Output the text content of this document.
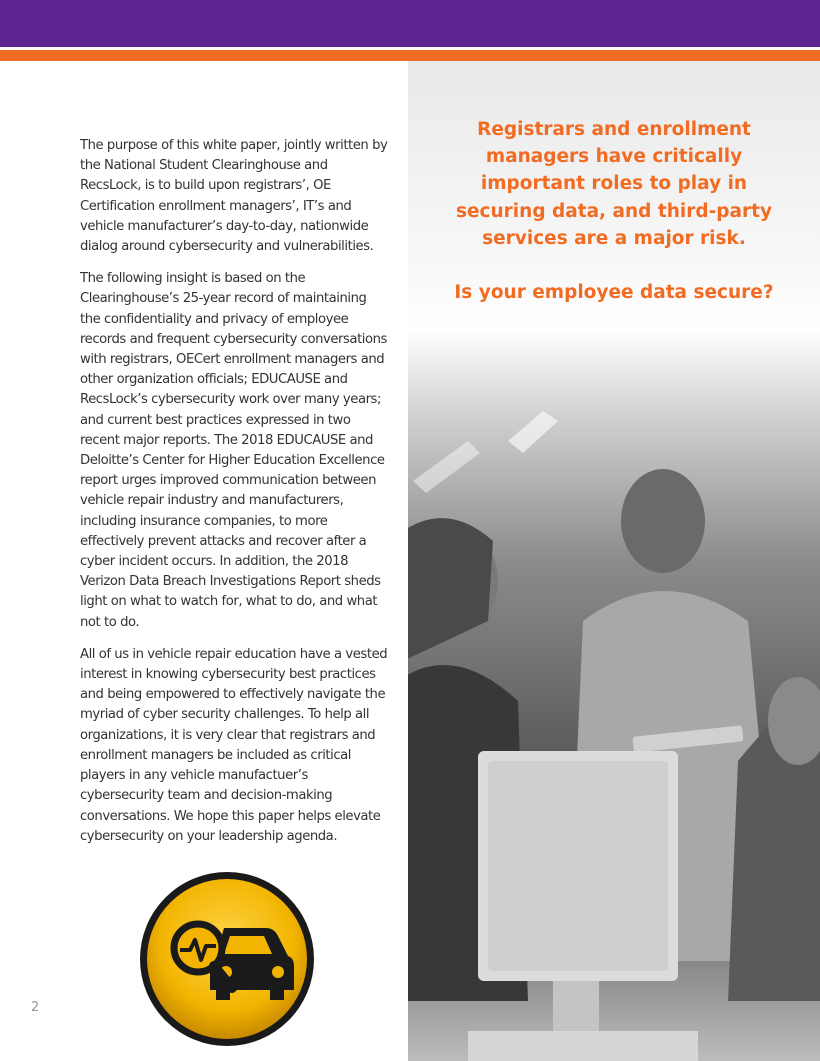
The purpose of this white paper, jointly written by the National Student Clearinghouse and RecsLock, is to build upon registrars’, OE Certification enrollment managers’, IT’s and vehicle manufacturer’s day-to-day, nationwide dialog around cybersecurity and vulnerabilities.

The following insight is based on the Clearinghouse’s 25-year record of maintaining the confidentiality and privacy of employee records and frequent cybersecurity conversations with registrars, OECert enrollment managers and other organization officials; EDUCAUSE and RecsLock’s cybersecurity work over many years; and current best practices expressed in two recent major reports. The 2018 EDUCAUSE and Deloitte’s Center for Higher Education Excellence report urges improved communication between vehicle repair industry and manufacturers, including insurance companies, to more effectively prevent attacks and recover after a cyber incident occurs. In addition, the 2018 Verizon Data Breach Investigations Report sheds light on what to watch for, what to do, and what not to do.

All of us in vehicle repair education have a vested interest in knowing cybersecurity best practices and being empowered to effectively navigate the myriad of cyber security challenges. To help all organizations, it is very clear that registrars and enrollment managers be included as critical players in any vehicle manufactuer’s cybersecurity team and decision-making conversations. We hope this paper helps elevate cybersecurity on your leadership agenda.

Registrars and enrollment managers have critically important roles to play in securing data, and third-party services are a major risk.
Is your employee data secure?
2
